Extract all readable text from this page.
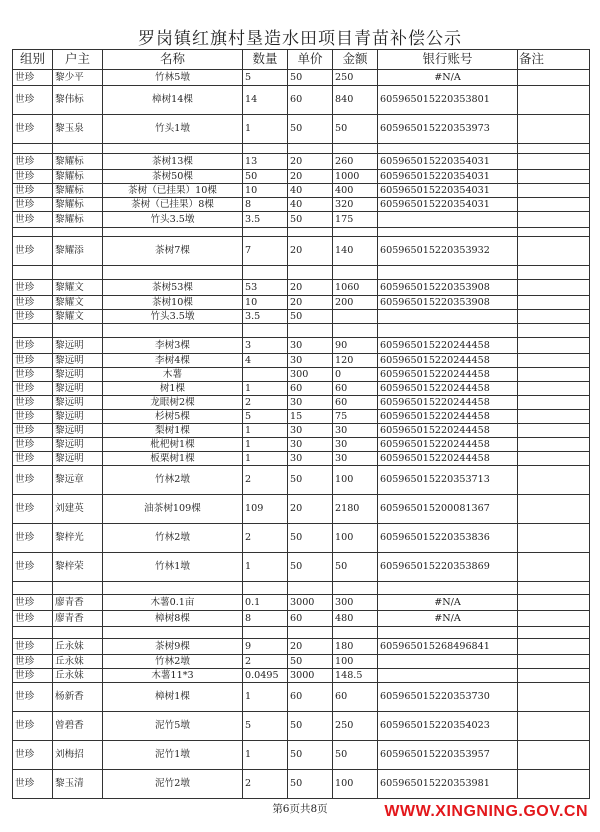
罗岗镇红旗村垦造水田项目青苗补偿公示
组别	户主	名称	数量	单价	金额	银行账号	备注
世珍	黎少平	竹林5墩	5	50	250	#N/A	
世珍	黎伟标	樟树14棵	14	60	840	605965015220353801	
世珍	黎玉泉	竹头1墩	1	50	50	605965015220353973	

世珍	黎耀标	茶树13棵	13	20	260	605965015220354031	
世珍	黎耀标	茶树50棵	50	20	1000	605965015220354031	
世珍	黎耀标	茶树（已挂果）10棵	10	40	400	605965015220354031	
世珍	黎耀标	茶树（已挂果）8棵	8	40	320	605965015220354031	
世珍	黎耀标	竹头3.5墩	3.5	50	175		

世珍	黎耀添	茶树7棵	7	20	140	605965015220353932	

世珍	黎耀文	茶树53棵	53	20	1060	605965015220353908	
世珍	黎耀文	茶树10棵	10	20	200	605965015220353908	
世珍	黎耀文	竹头3.5墩	3.5	50			

世珍	黎远明	李树3棵	3	30	90	605965015220244458	
世珍	黎远明	李树4棵	4	30	120	605965015220244458	
世珍	黎远明	木薯		300	0	605965015220244458	
世珍	黎远明	树1棵	1	60	60	605965015220244458	
世珍	黎远明	龙眼树2棵	2	30	60	605965015220244458	
世珍	黎远明	杉树5棵	5	15	75	605965015220244458	
世珍	黎远明	梨树1棵	1	30	30	605965015220244458	
世珍	黎远明	枇杷树1棵	1	30	30	605965015220244458	
世珍	黎远明	板栗树1棵	1	30	30	605965015220244458	
世珍	黎远章	竹林2墩	2	50	100	605965015220353713	
世珍	刘建英	油茶树109棵	109	20	2180	605965015200081367	
世珍	黎梓光	竹林2墩	2	50	100	605965015220353836	
世珍	黎梓荣	竹林1墩	1	50	50	605965015220353869	

世珍	廖青香	木薯0.1亩	0.1	3000	300	#N/A	
世珍	廖青香	樟树8棵	8	60	480	#N/A	

世珍	丘永妹	茶树9棵	9	20	180	605965015268496841	
世珍	丘永妹	竹林2墩	2	50	100		
世珍	丘永妹	木薯11*3	0.0495	3000	148.5		
世珍	杨新香	樟树1棵	1	60	60	605965015220353730	
世珍	曾碧香	泥竹5墩	5	50	250	605965015220354023	
世珍	刘梅招	泥竹1墩	1	50	50	605965015220353957	
世珍	黎玉清	泥竹2墩	2	50	100	605965015220353981	
第6页共8页	WWW.XINGNING.GOV.CN
